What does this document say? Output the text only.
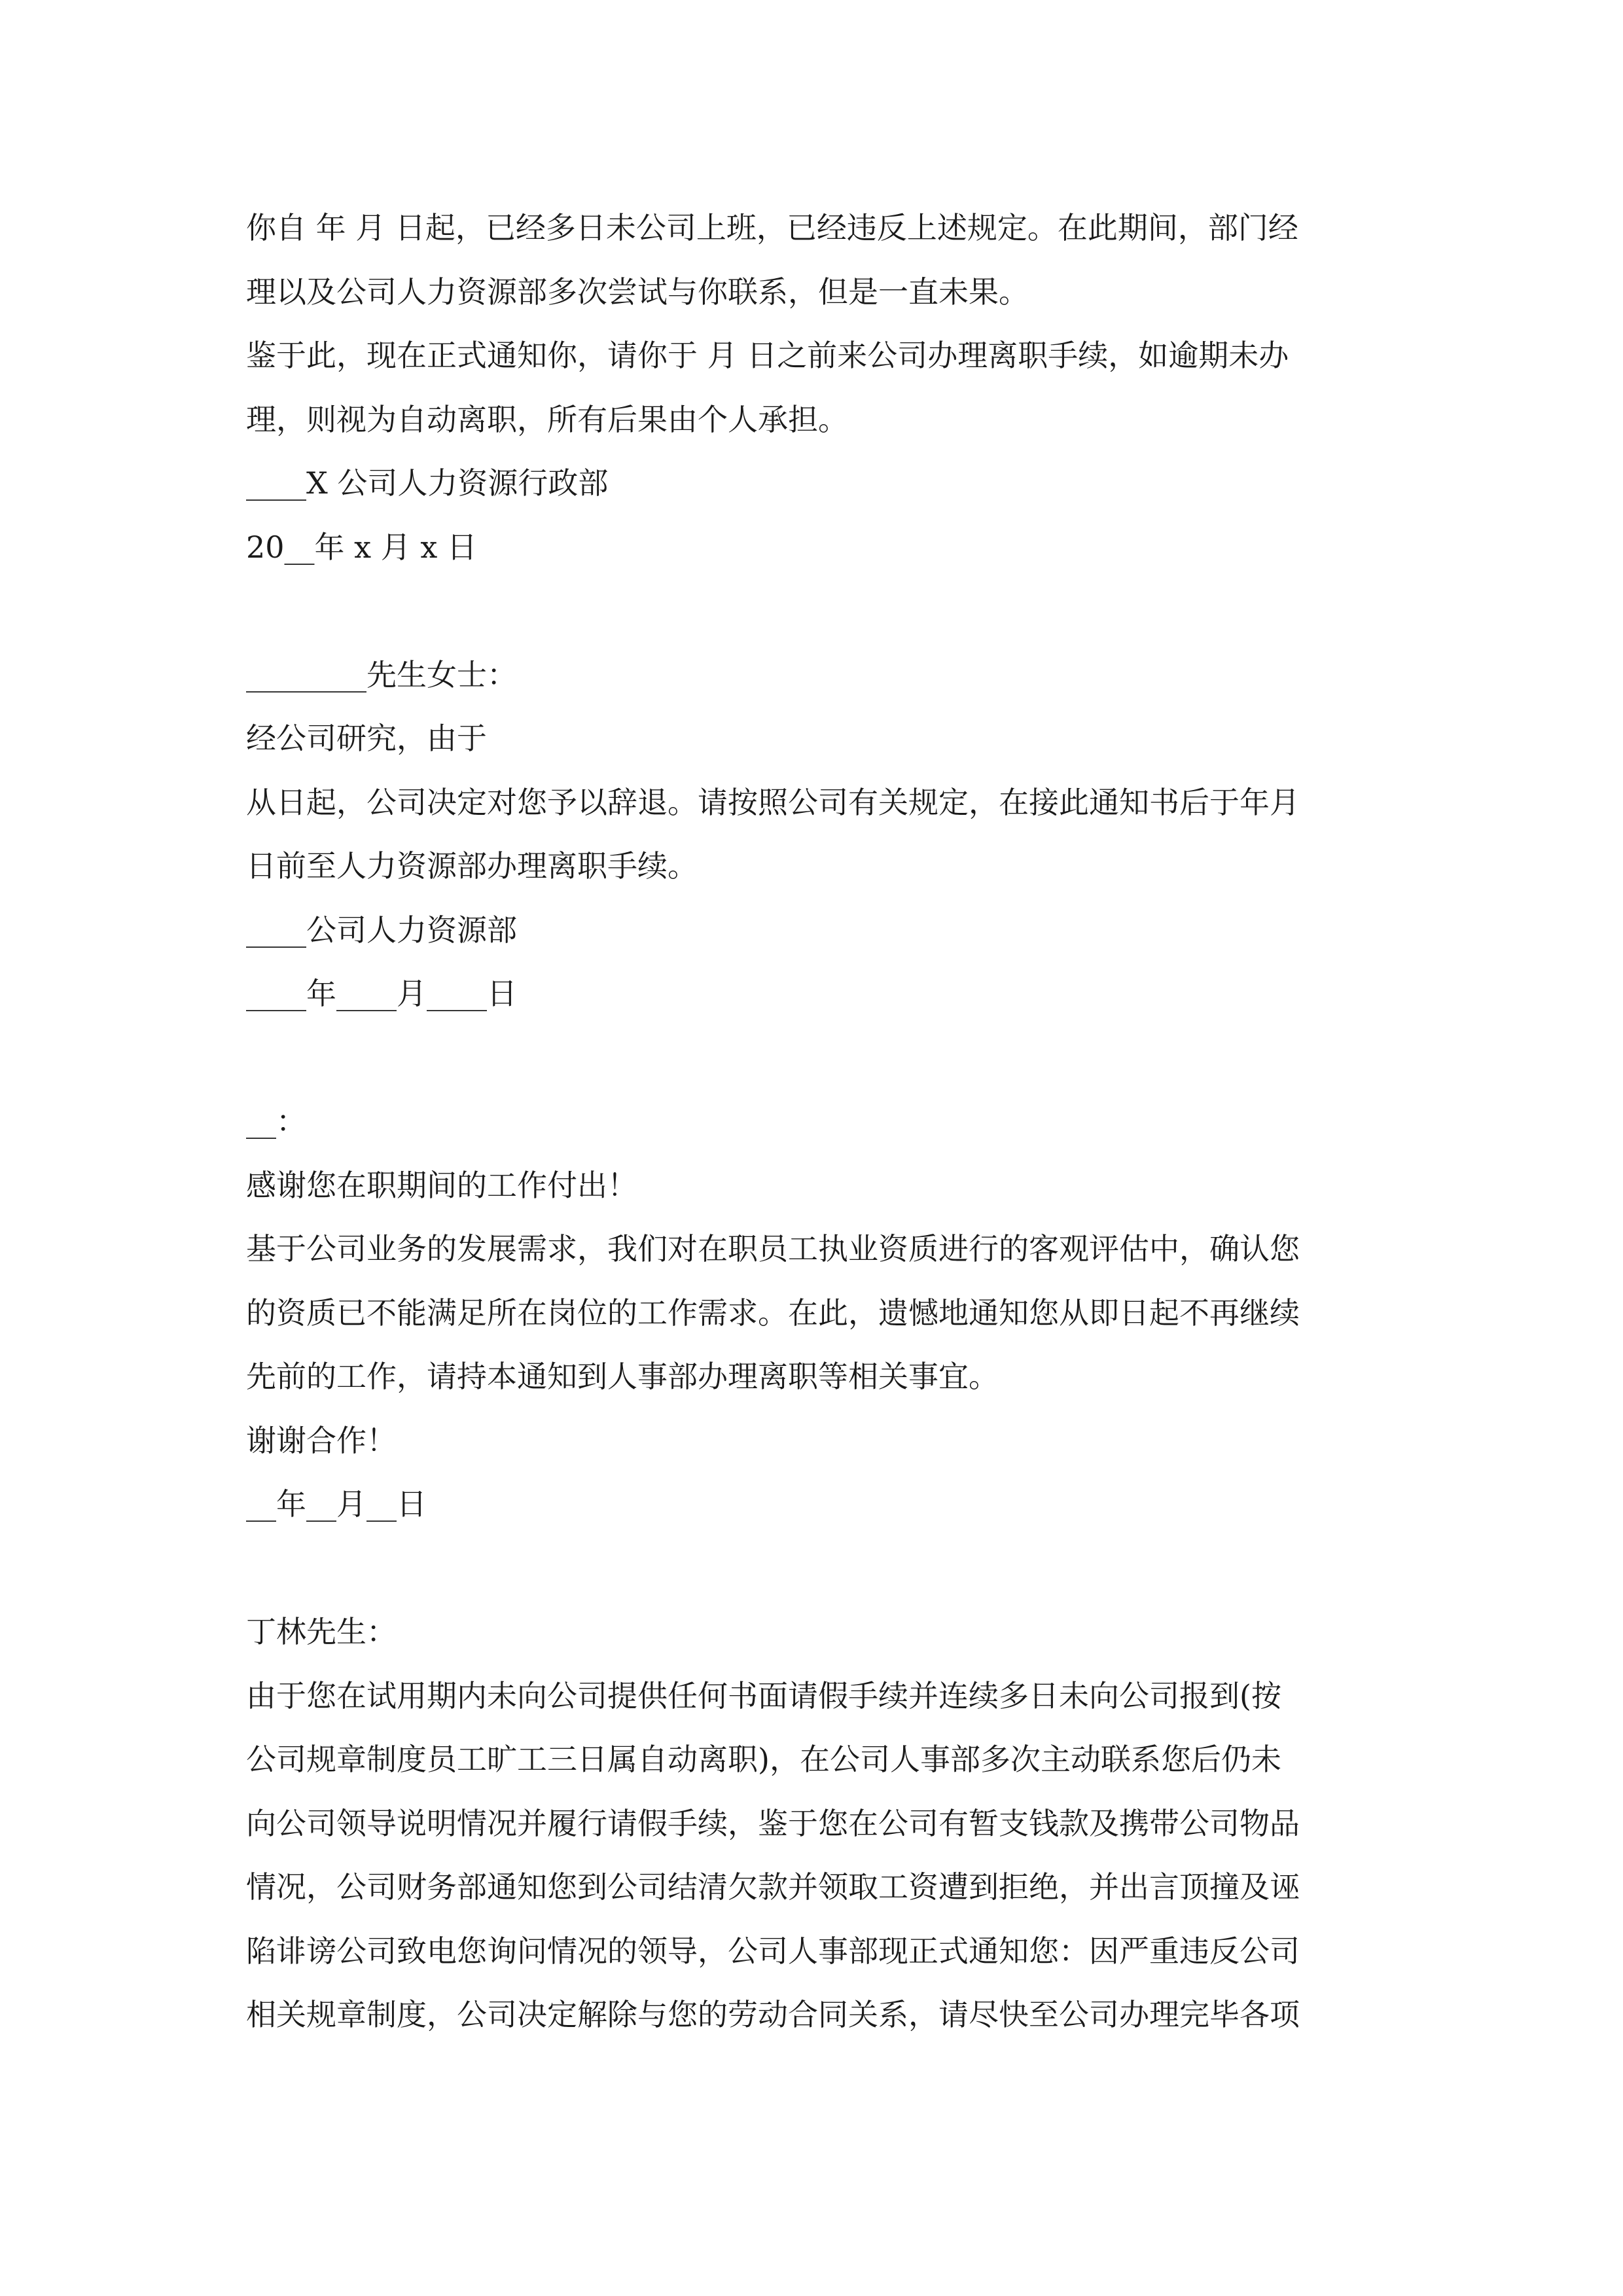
你自 年 月 日起，已经多日未公司上班，已经违反上述规定。在此期间，部门经
理以及公司人力资源部多次尝试与你联系，但是一直未果。
鉴于此，现在正式通知你，请你于 月 日之前来公司办理离职手续，如逾期未办
理，则视为自动离职，所有后果由个人承担。
____X 公司人力资源行政部
20__年 x 月 x 日
________先生女士：
经公司研究，由于
从日起，公司决定对您予以辞退。请按照公司有关规定，在接此通知书后于年月
日前至人力资源部办理离职手续。
____公司人力资源部
____年____月____日
__：
感谢您在职期间的工作付出！
基于公司业务的发展需求，我们对在职员工执业资质进行的客观评估中，确认您
的资质已不能满足所在岗位的工作需求。在此，遗憾地通知您从即日起不再继续
先前的工作，请持本通知到人事部办理离职等相关事宜。
谢谢合作！
__年__月__日
丁林先生：
由于您在试用期内未向公司提供任何书面请假手续并连续多日未向公司报到(按
公司规章制度员工旷工三日属自动离职)，在公司人事部多次主动联系您后仍未
向公司领导说明情况并履行请假手续，鉴于您在公司有暂支钱款及携带公司物品
情况，公司财务部通知您到公司结清欠款并领取工资遭到拒绝，并出言顶撞及诬
陷诽谤公司致电您询问情况的领导，公司人事部现正式通知您：因严重违反公司
相关规章制度，公司决定解除与您的劳动合同关系，请尽快至公司办理完毕各项
